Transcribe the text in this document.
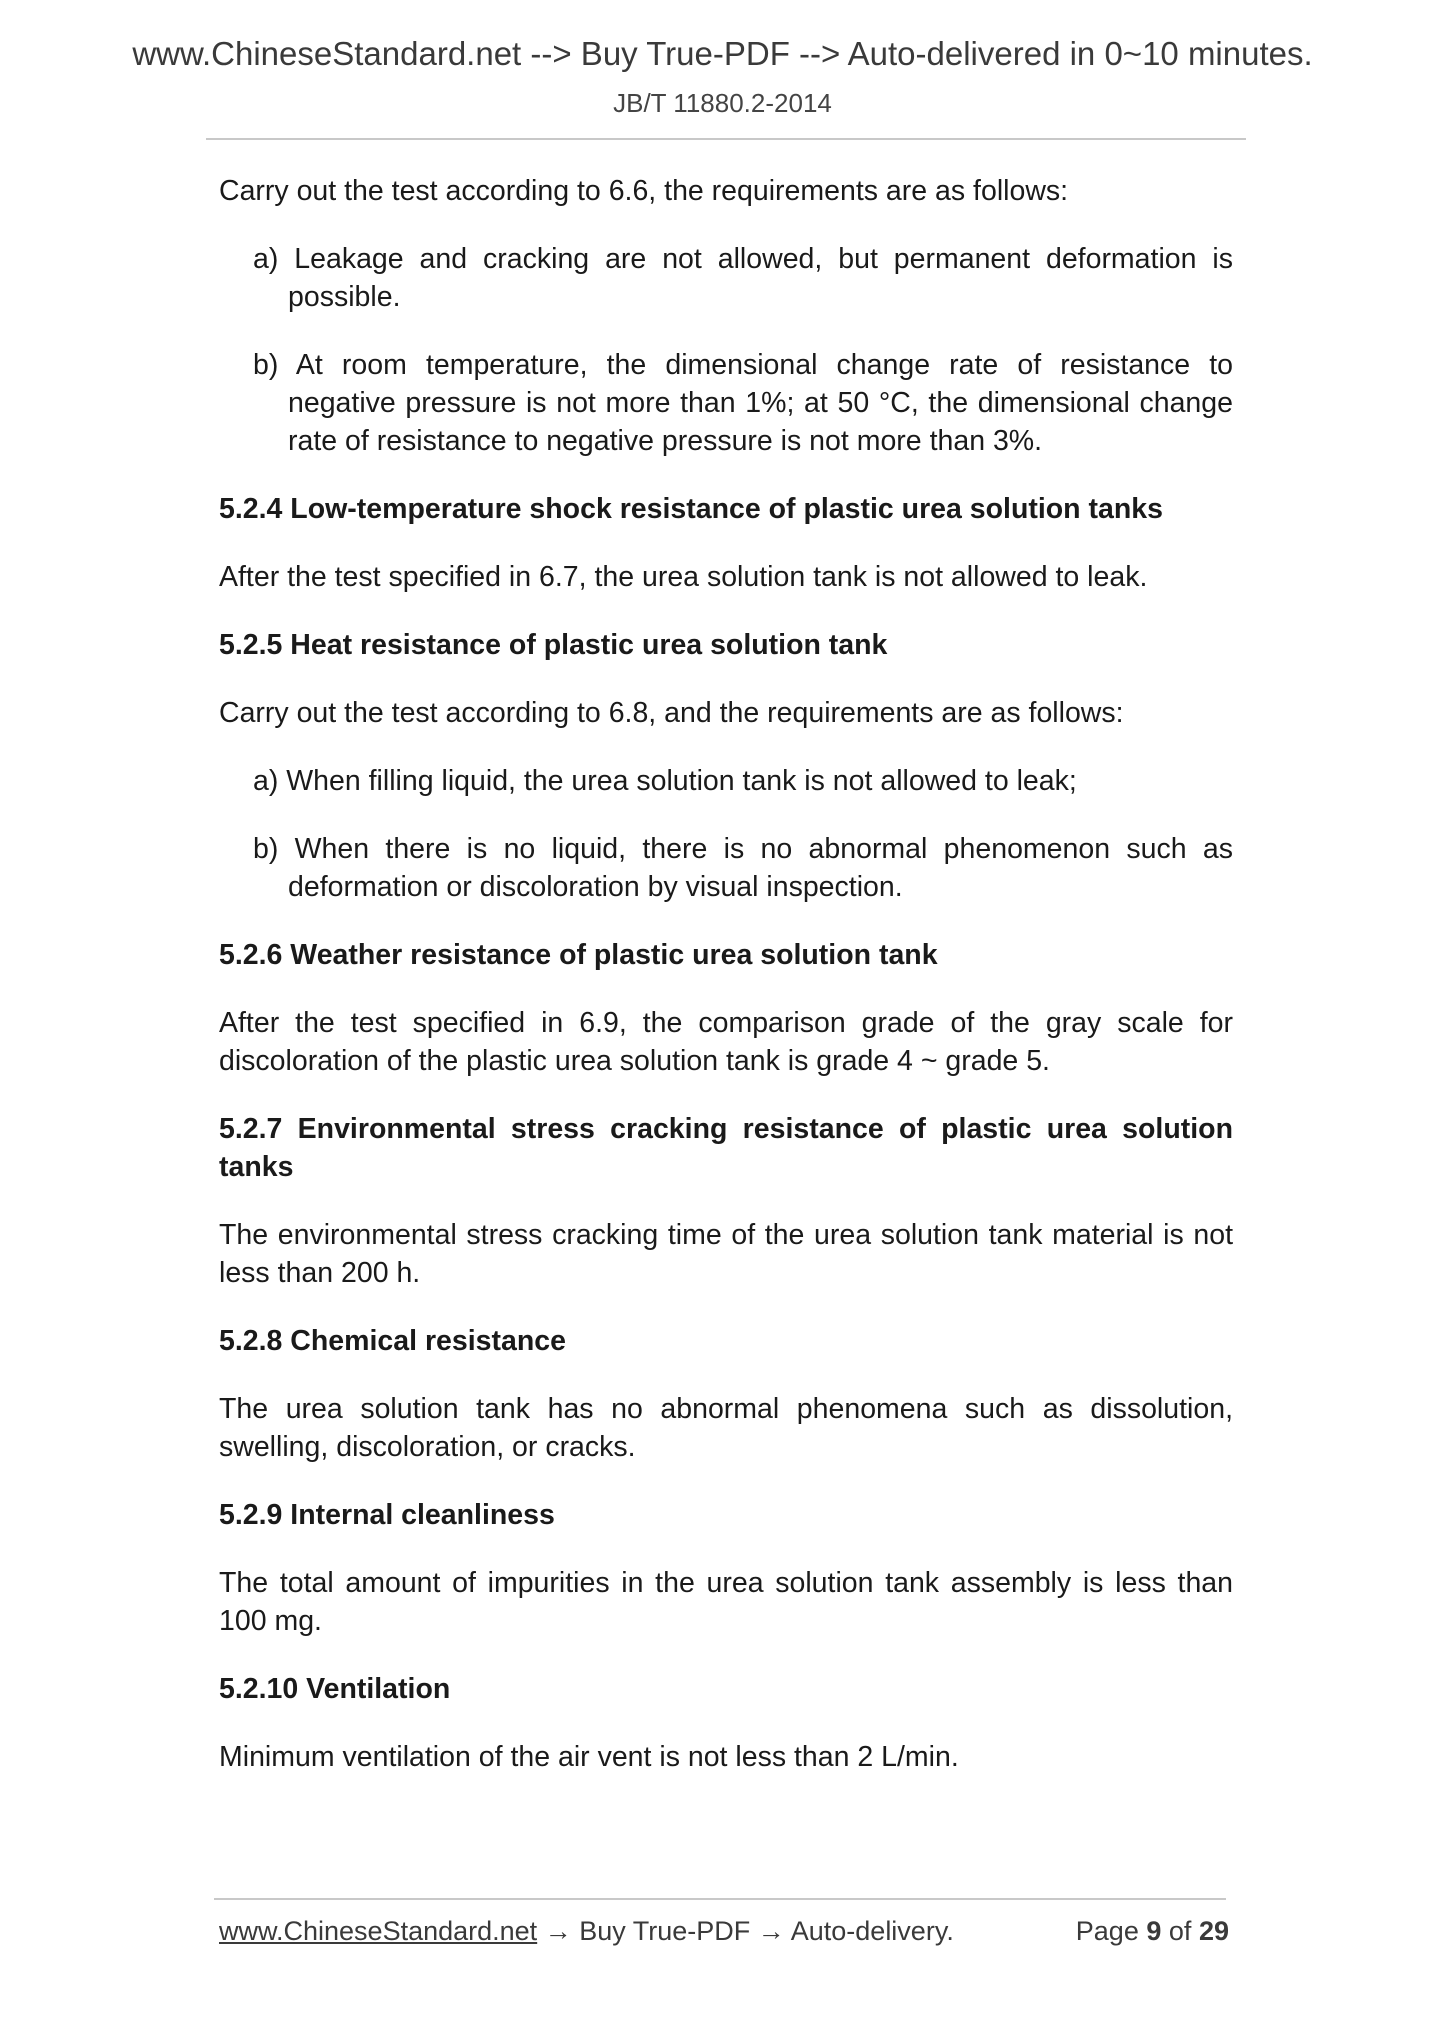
www.ChineseStandard.net --> Buy True-PDF --> Auto-delivered in 0~10 minutes.
JB/T 11880.2-2014

Carry out the test according to 6.6, the requirements are as follows:

a) Leakage and cracking are not allowed, but permanent deformation is possible.

b) At room temperature, the dimensional change rate of resistance to negative pressure is not more than 1%; at 50 °C, the dimensional change rate of resistance to negative pressure is not more than 3%.

5.2.4 Low-temperature shock resistance of plastic urea solution tanks

After the test specified in 6.7, the urea solution tank is not allowed to leak.

5.2.5 Heat resistance of plastic urea solution tank

Carry out the test according to 6.8, and the requirements are as follows:

a) When filling liquid, the urea solution tank is not allowed to leak;

b) When there is no liquid, there is no abnormal phenomenon such as deformation or discoloration by visual inspection.

5.2.6 Weather resistance of plastic urea solution tank

After the test specified in 6.9, the comparison grade of the gray scale for discoloration of the plastic urea solution tank is grade 4 ~ grade 5.

5.2.7 Environmental stress cracking resistance of plastic urea solution tanks

The environmental stress cracking time of the urea solution tank material is not less than 200 h.

5.2.8 Chemical resistance

The urea solution tank has no abnormal phenomena such as dissolution, swelling, discoloration, or cracks.

5.2.9 Internal cleanliness

The total amount of impurities in the urea solution tank assembly is less than 100 mg.

5.2.10 Ventilation

Minimum ventilation of the air vent is not less than 2 L/min.

www.ChineseStandard.net → Buy True-PDF → Auto-delivery.	Page 9 of 29
